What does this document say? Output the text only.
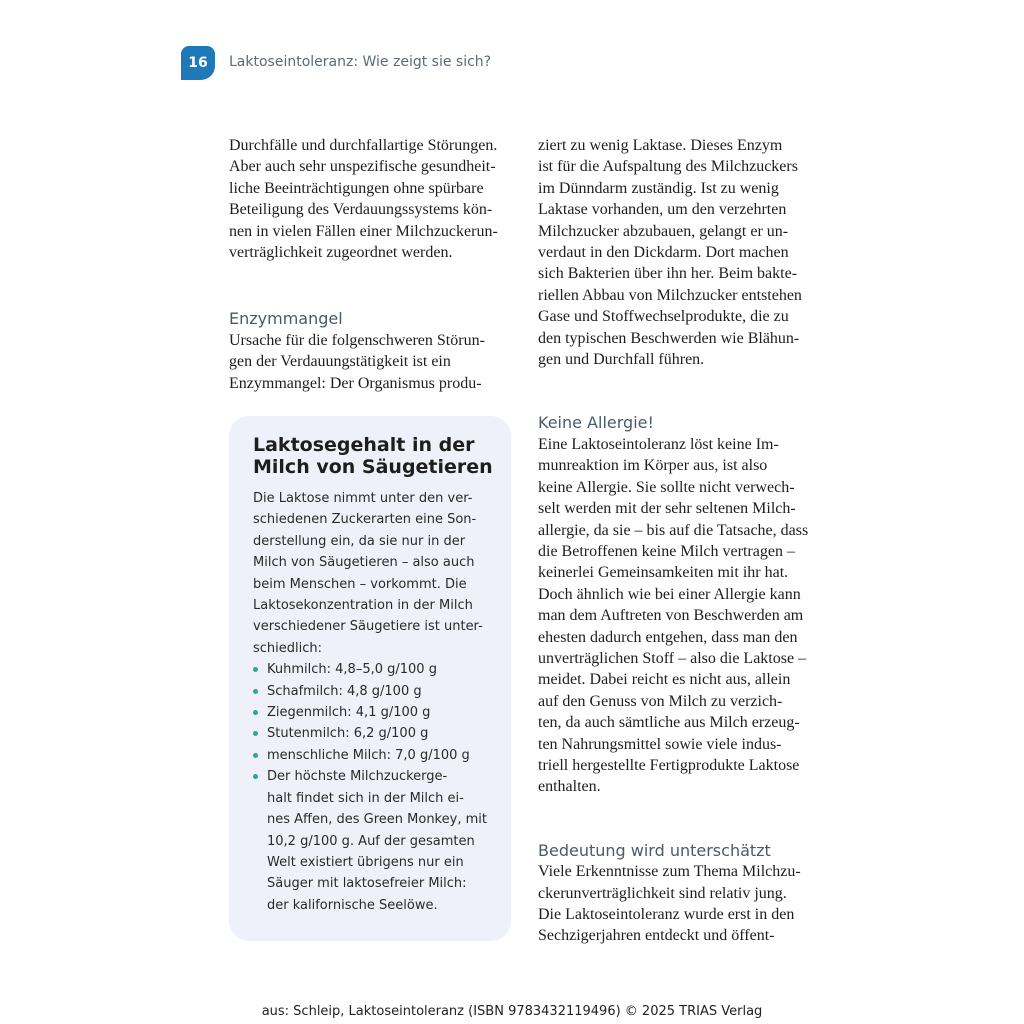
16	Laktoseintoleranz: Wie zeigt sie sich?
Durchfälle und durchfallartige Störungen.
Aber auch sehr unspezifische gesundheit-
liche Beeinträchtigungen ohne spürbare
Beteiligung des Verdauungssystems kön-
nen in vielen Fällen einer Milchzuckerun-
verträglichkeit zugeordnet werden.
Enzymmangel
Ursache für die folgenschweren Störun-
gen der Verdauungstätigkeit ist ein
Enzymmangel: Der Organismus produ-
Laktosegehalt in der
Milch von Säugetieren
Die Laktose nimmt unter den ver-
schiedenen Zuckerarten eine Son-
derstellung ein, da sie nur in der
Milch von Säugetieren – also auch
beim Menschen – vorkommt. Die
Laktosekonzentration in der Milch
verschiedener Säugetiere ist unter-
schiedlich:
Kuhmilch: 4,8–5,0 g/100 g
Schafmilch: 4,8 g/100 g
Ziegenmilch: 4,1 g/100 g
Stutenmilch: 6,2 g/100 g
menschliche Milch: 7,0 g/100 g
Der höchste Milchzuckerge-
halt findet sich in der Milch ei-
nes Affen, des Green Monkey, mit
10,2 g/100 g. Auf der gesamten
Welt existiert übrigens nur ein
Säuger mit laktosefreier Milch:
der kalifornische Seelöwe.
ziert zu wenig Laktase. Dieses Enzym
ist für die Aufspaltung des Milchzuckers
im Dünndarm zuständig. Ist zu wenig
Laktase vorhanden, um den verzehrten
Milchzucker abzubauen, gelangt er un-
verdaut in den Dickdarm. Dort machen
sich Bakterien über ihn her. Beim bakte-
riellen Abbau von Milchzucker entstehen
Gase und Stoffwechselprodukte, die zu
den typischen Beschwerden wie Blähun-
gen und Durchfall führen.
Keine Allergie!
Eine Laktoseintoleranz löst keine Im-
munreaktion im Körper aus, ist also
keine Allergie. Sie sollte nicht verwech-
selt werden mit der sehr seltenen Milch-
allergie, da sie – bis auf die Tatsache, dass
die Betroffenen keine Milch vertragen –
keinerlei Gemeinsamkeiten mit ihr hat.
Doch ähnlich wie bei einer Allergie kann
man dem Auftreten von Beschwerden am
ehesten dadurch entgehen, dass man den
unverträglichen Stoff – also die Laktose –
meidet. Dabei reicht es nicht aus, allein
auf den Genuss von Milch zu verzich-
ten, da auch sämtliche aus Milch erzeug-
ten Nahrungsmittel sowie viele indus-
triell hergestellte Fertigprodukte Laktose
enthalten.
Bedeutung wird unterschätzt
Viele Erkenntnisse zum Thema Milchzu-
ckerunverträglichkeit sind relativ jung.
Die Laktoseintoleranz wurde erst in den
Sechzigerjahren entdeckt und öffent-
aus: Schleip, Laktoseintoleranz (ISBN 9783432119496) © 2025 TRIAS Verlag
